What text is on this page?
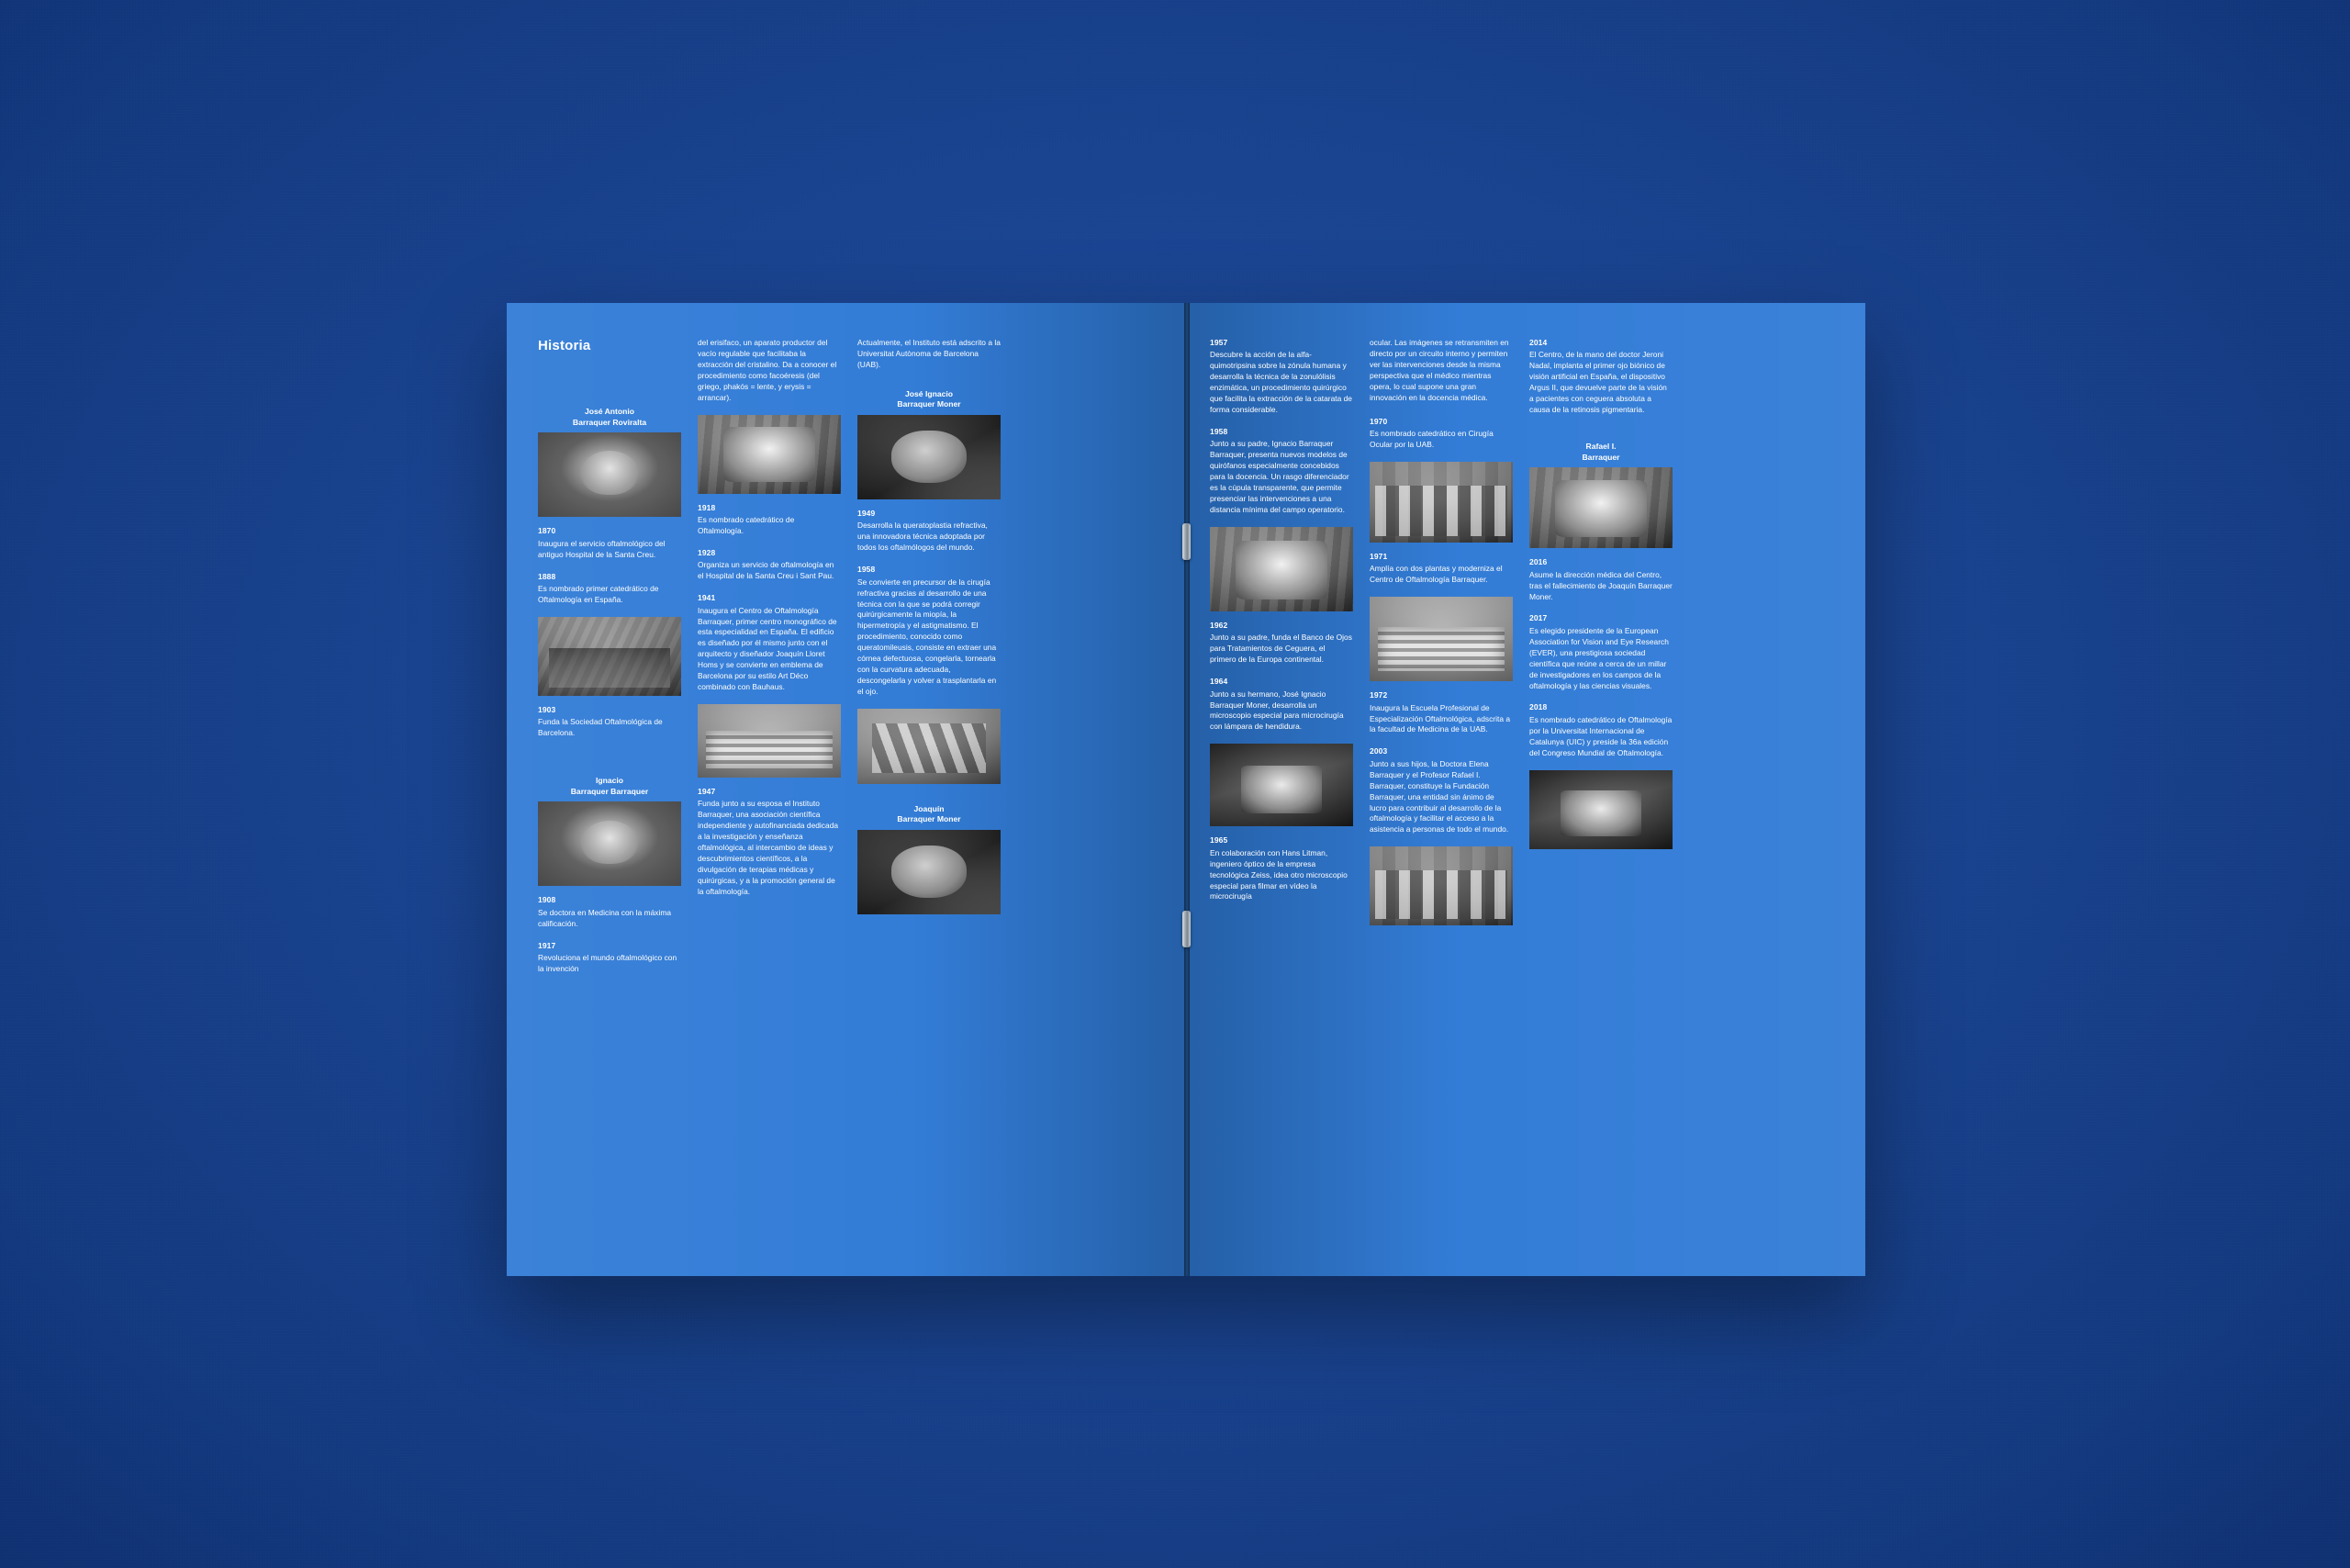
Historia
José Antonio
Barraquer Roviralta
1870
Inaugura el servicio oftalmológico del antiguo Hospital de la Santa Creu.
1888
Es nombrado primer catedrático de Oftalmología en España.
1903
Funda la Sociedad Oftalmológica de Barcelona.
Ignacio
Barraquer Barraquer
1908
Se doctora en Medicina con la máxima calificación.
1917
Revoluciona el mundo oftalmológico con la invención
del erisifaco, un aparato productor del vacío regulable que facilitaba la extracción del cristalino. Da a conocer el procedimiento como facoéresis (del griego, phakós = lente, y erysis = arrancar).
1918
Es nombrado catedrático de Oftalmología.
1928
Organiza un servicio de oftalmología en el Hospital de la Santa Creu i Sant Pau.
1941
Inaugura el Centro de Oftalmología Barraquer, primer centro monográfico de esta especialidad en España. El edificio es diseñado por él mismo junto con el arquitecto y diseñador Joaquín Lloret Homs y se convierte en emblema de Barcelona por su estilo Art Déco combinado con Bauhaus.
1947
Funda junto a su esposa el Instituto Barraquer, una asociación científica independiente y autofinanciada dedicada a la investigación y enseñanza oftalmológica, al intercambio de ideas y descubrimientos científicos, a la divulgación de terapias médicas y quirúrgicas, y a la promoción general de la oftalmología.
Actualmente, el Instituto está adscrito a la Universitat Autònoma de Barcelona (UAB).
José Ignacio
Barraquer Moner
1949
Desarrolla la queratoplastia refractiva, una innovadora técnica adoptada por todos los oftalmólogos del mundo.
1958
Se convierte en precursor de la cirugía refractiva gracias al desarrollo de una técnica con la que se podrá corregir quirúrgicamente la miopía, la hipermetropía y el astigmatismo. El procedimiento, conocido como queratomileusis, consiste en extraer una córnea defectuosa, congelarla, tornearla con la curvatura adecuada, descongelarla y volver a trasplantarla en el ojo.
Joaquín
Barraquer Moner
1957
Descubre la acción de la alfa-quimotripsina sobre la zónula humana y desarrolla la técnica de la zonulólisis enzimática, un procedimiento quirúrgico que facilita la extracción de la catarata de forma considerable.
1958
Junto a su padre, Ignacio Barraquer Barraquer, presenta nuevos modelos de quirófanos especialmente concebidos para la docencia. Un rasgo diferenciador es la cúpula transparente, que permite presenciar las intervenciones a una distancia mínima del campo operatorio.
1962
Junto a su padre, funda el Banco de Ojos para Tratamientos de Ceguera, el primero de la Europa continental.
1964
Junto a su hermano, José Ignacio Barraquer Moner, desarrolla un microscopio especial para microcirugía con lámpara de hendidura.
1965
En colaboración con Hans Litman, ingeniero óptico de la empresa tecnológica Zeiss, idea otro microscopio especial para filmar en vídeo la microcirugía
ocular. Las imágenes se retransmiten en directo por un circuito interno y permiten ver las intervenciones desde la misma perspectiva que el médico mientras opera, lo cual supone una gran innovación en la docencia médica.
1970
Es nombrado catedrático en Cirugía Ocular por la UAB.
1971
Amplía con dos plantas y moderniza el Centro de Oftalmología Barraquer.
1972
Inaugura la Escuela Profesional de Especialización Oftalmológica, adscrita a la facultad de Medicina de la UAB.
2003
Junto a sus hijos, la Doctora Elena Barraquer y el Profesor Rafael I. Barraquer, constituye la Fundación Barraquer, una entidad sin ánimo de lucro para contribuir al desarrollo de la oftalmología y facilitar el acceso a la asistencia a personas de todo el mundo.
2014
El Centro, de la mano del doctor Jeroni Nadal, implanta el primer ojo biónico de visión artificial en España, el dispositivo Argus II, que devuelve parte de la visión a pacientes con ceguera absoluta a causa de la retinosis pigmentaria.
Rafael I.
Barraquer
2016
Asume la dirección médica del Centro, tras el fallecimiento de Joaquín Barraquer Moner.
2017
Es elegido presidente de la European Association for Vision and Eye Research (EVER), una prestigiosa sociedad científica que reúne a cerca de un millar de investigadores en los campos de la oftalmología y las ciencias visuales.
2018
Es nombrado catedrático de Oftalmología por la Universitat Internacional de Catalunya (UIC) y preside la 36a edición del Congreso Mundial de Oftalmología.
